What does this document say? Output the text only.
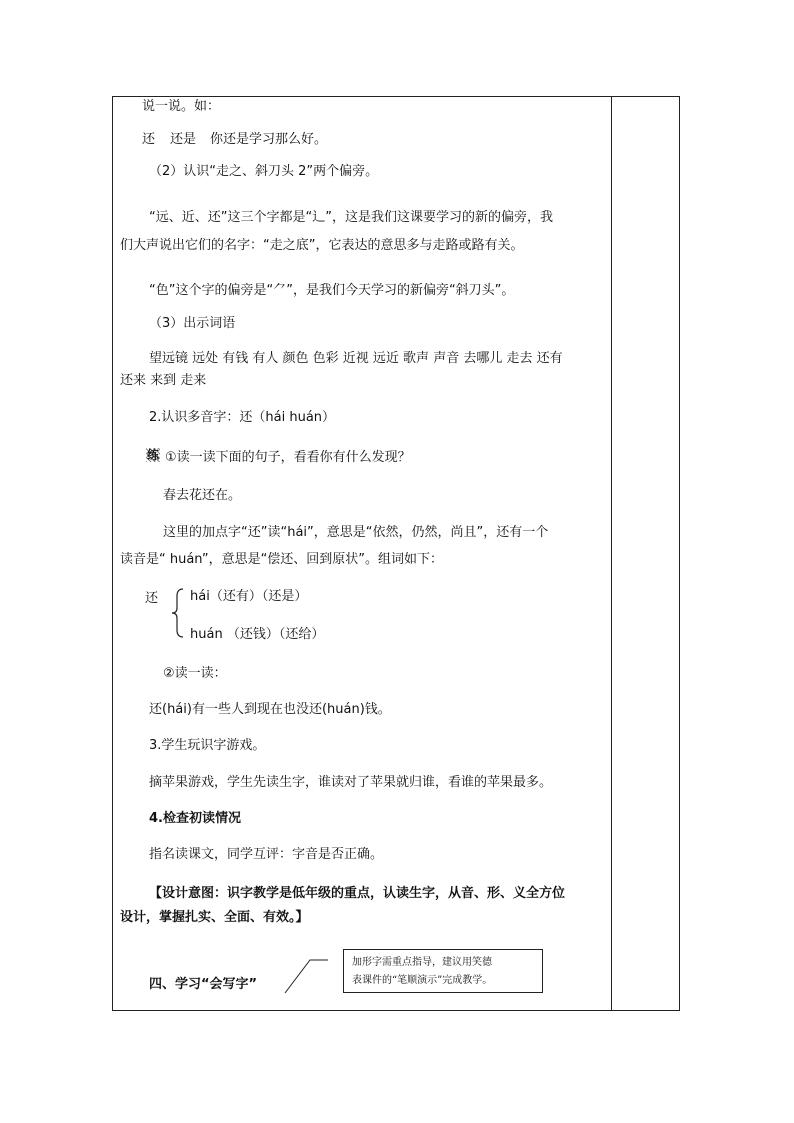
说一说。如：
还 还是 你还是学习那么好。
（2）认识“走之、斜刀头 2”两个偏旁。
“远、近、还”这三个字都是“辶”，这是我们这课要学习的新的偏旁，我
们大声说出它们的名字：“走之底”，它表达的意思多与走路或路有关。
“色”这个字的偏旁是“⺈”，是我们今天学习的新偏旁“斜刀头”。
（3）出示词语
望远镜 远处 有钱 有人 颜色 色彩 近视 远近 歌声 声音 去哪儿 走去 还有
还来 来到 走来
2.认识多音字：还（hái huán）
练 ①读一读下面的句子，看看你有什么发现？
春去花还在。
这里的加点字“还”读“hái”，意思是“依然，仍然，尚且”，还有一个
读音是“ huán”，意思是“偿还、回到原状”。组词如下：
还 hái（还有）（还是）
huán （还钱）（还给）
②读一读：
还(hái)有一些人到现在也没还(huán)钱。
3.学生玩识字游戏。
摘苹果游戏，学生先读生字，谁读对了苹果就归谁，看谁的苹果最多。
4.检查初读情况
指名读课文，同学互评：字音是否正确。
【设计意图：识字教学是低年级的重点，认读生字，从音、形、义全方位
设计，掌握扎实、全面、有效。】
四、学习“会写字”
加形字需重点指导，建议用笑德
表课件的“笔顺演示”完成教学。
